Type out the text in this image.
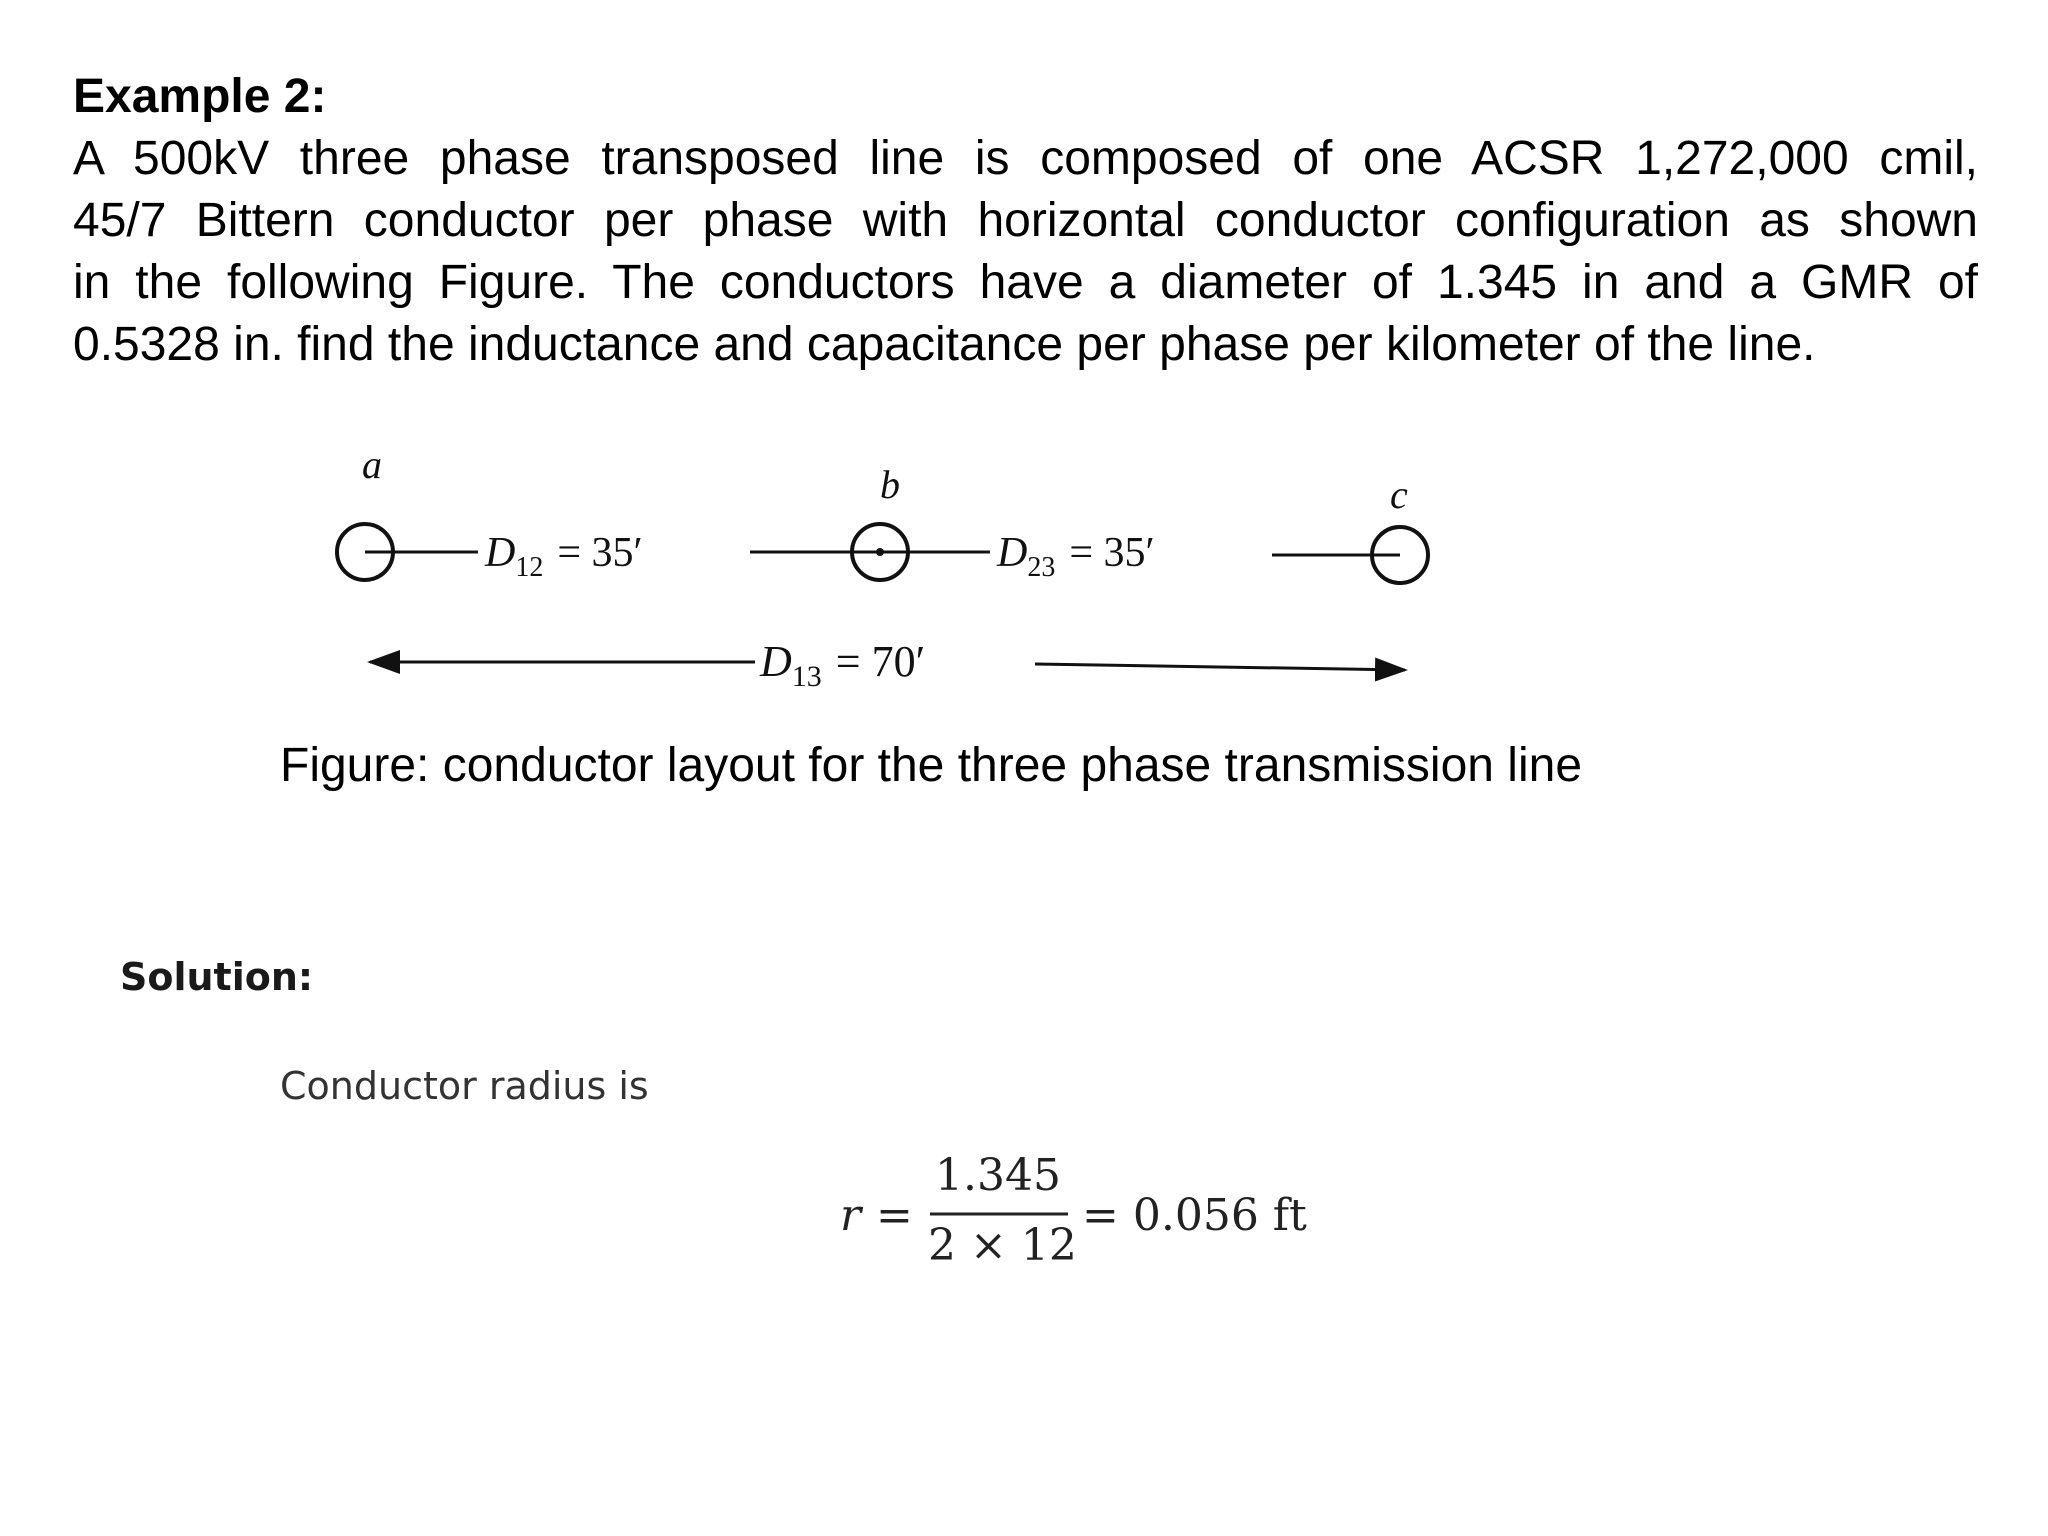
Example 2:

A 500kV three phase transposed line is composed of one ACSR 1,272,000 cmil,
45/7 Bittern conductor per phase with horizontal conductor configuration as shown
in the following Figure. The conductors have a diameter of 1.345 in and a GMR of
0.5328 in. find the inductance and capacitance per phase per kilometer of the line.

a	b	c
$D_{12} = 35'$	$D_{23} = 35'$
$D_{13} = 70'$

Figure: conductor layout for the three phase transmission line

Solution:

Conductor radius is

r =
1.345
2 × 12
= 0.056 ft
